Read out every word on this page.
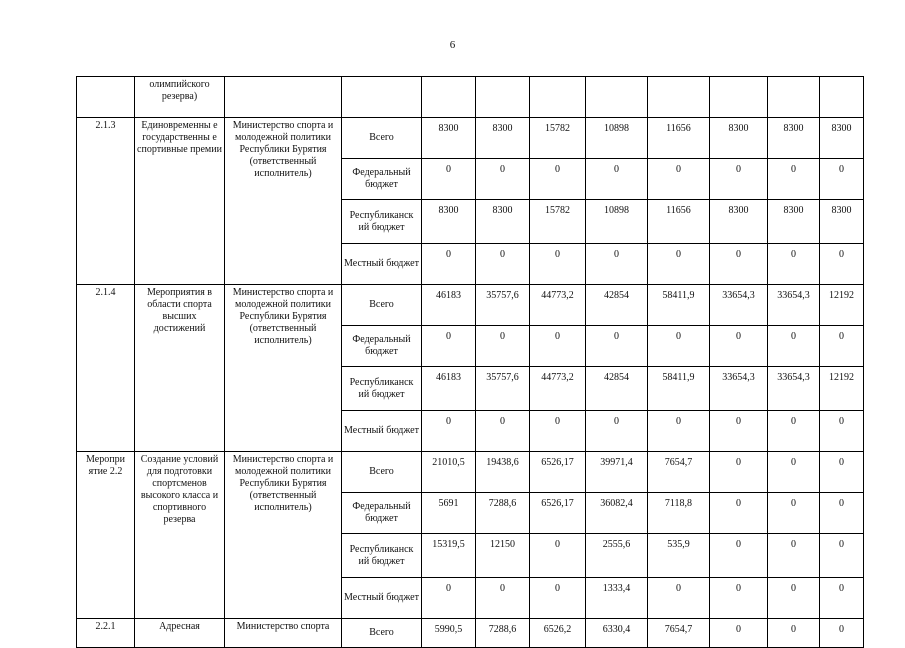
6
	олимпийского резерва)										
2.1.3	Единовременны е государственны е спортивные премии	Министерство спорта и молодежной политики Республики Бурятия (ответственный исполнитель)	Всего	8300	8300	15782	10898	11656	8300	8300	8300
			Федеральный бюджет	0	0	0	0	0	0	0	0
			Республиканск ий бюджет	8300	8300	15782	10898	11656	8300	8300	8300
			Местный бюджет	0	0	0	0	0	0	0	0
2.1.4	Мероприятия в области спорта высших достижений	Министерство спорта и молодежной политики Республики Бурятия (ответственный исполнитель)	Всего	46183	35757,6	44773,2	42854	58411,9	33654,3	33654,3	12192
			Федеральный бюджет	0	0	0	0	0	0	0	0
			Республиканск ий бюджет	46183	35757,6	44773,2	42854	58411,9	33654,3	33654,3	12192
			Местный бюджет	0	0	0	0	0	0	0	0
Меропри ятие 2.2	Создание условий для подготовки спортсменов высокого класса и спортивного резерва	Министерство спорта и молодежной политики Республики Бурятия (ответственный исполнитель)	Всего	21010,5	19438,6	6526,17	39971,4	7654,7	0	0	0
			Федеральный бюджет	5691	7288,6	6526,17	36082,4	7118,8	0	0	0
			Республиканск ий бюджет	15319,5	12150	0	2555,6	535,9	0	0	0
			Местный бюджет	0	0	0	1333,4	0	0	0	0
2.2.1	Адресная	Министерство спорта	Всего	5990,5	7288,6	6526,2	6330,4	7654,7	0	0	0
